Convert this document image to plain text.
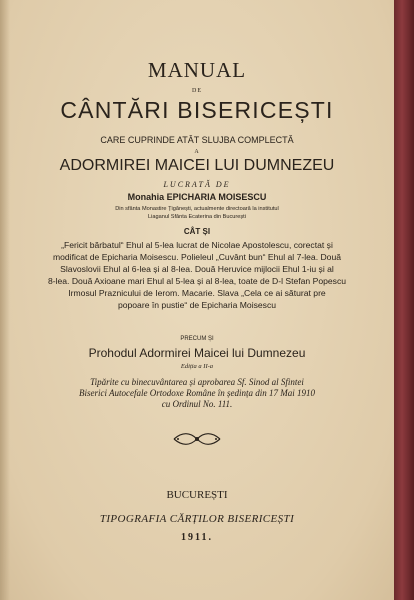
MANUAL
DE
CÂNTĂRI BISERICEȘTI
CARE CUPRINDE ATÂT SLUJBA COMPLECTĂ
A
ADORMIREI MAICEI LUI DUMNEZEU
LUCRATĂ DE
Monahia EPICHARIA MOISESCU
Din sfânta Monastire Țigănești, actualmente directoară la institutul
Liaganul Sfânta Ecaterina din București
CÂT ȘI
„Fericit bărbatul“ Ehul al 5-lea lucrat de Nicolae Apostolescu, corectat și
modificat de Epicharia Moisescu. Polieleul „Cuvânt bun“ Ehul al 7-lea. Două
Slavoslovii Ehul al 6-lea și al 8-lea. Două Heruvice mijlocii Ehul 1-iu și al
8-lea. Două Axioane mari Ehul al 5-lea și al 8-lea, toate de D-l Stefan Popescu
Irmosul Praznicului de Ierom. Macarie. Slava „Cela ce ai săturat pre
popoare în pustie“ de Epicharia Moisescu
PRECUM ȘI
Prohodul Adormirei Maicei lui Dumnezeu
Ediția a II-a
Tipărite cu binecuvântarea și aprobarea Sf. Sinod al Sfintei
Biserici Autocefale Ortodoxe Române în ședința din 17 Mai 1910
cu Ordinul No. 111.
BUCUREȘTI
TIPOGRAFIA CĂRȚILOR BISERICEȘTI
1911.
